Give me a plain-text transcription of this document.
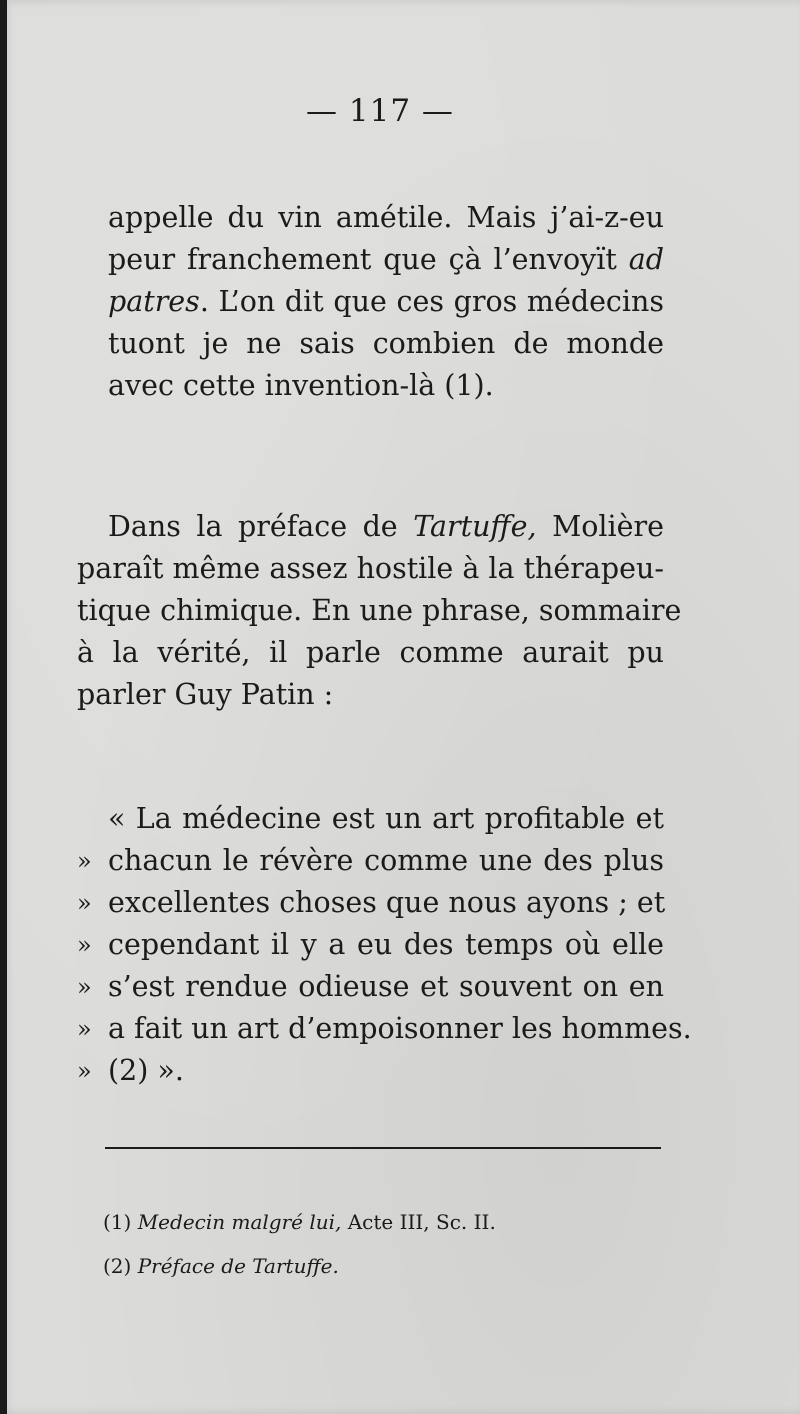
— 117 —
appelle du vin amétile. Mais j’ai-z-eu
peur franchement que çà l’envoyït ad
patres. L’on dit que ces gros médecins
tuont je ne sais combien de monde
avec cette invention-là (1).
Dans la préface de Tartuffe, Molière
paraît même assez hostile à la thérapeu-
tique chimique. En une phrase, sommaire
à la vérité, il parle comme aurait pu
parler Guy Patin :
« La médecine est un art profitable et
» chacun le révère comme une des plus
» excellentes choses que nous ayons ; et
» cependant il y a eu des temps où elle
» s’est rendue odieuse et souvent on en
» a fait un art d’empoisonner les hommes.
» (2) ».
(1) Medecin malgré lui, Acte III, Sc. II.
(2) Préface de Tartuffe.
